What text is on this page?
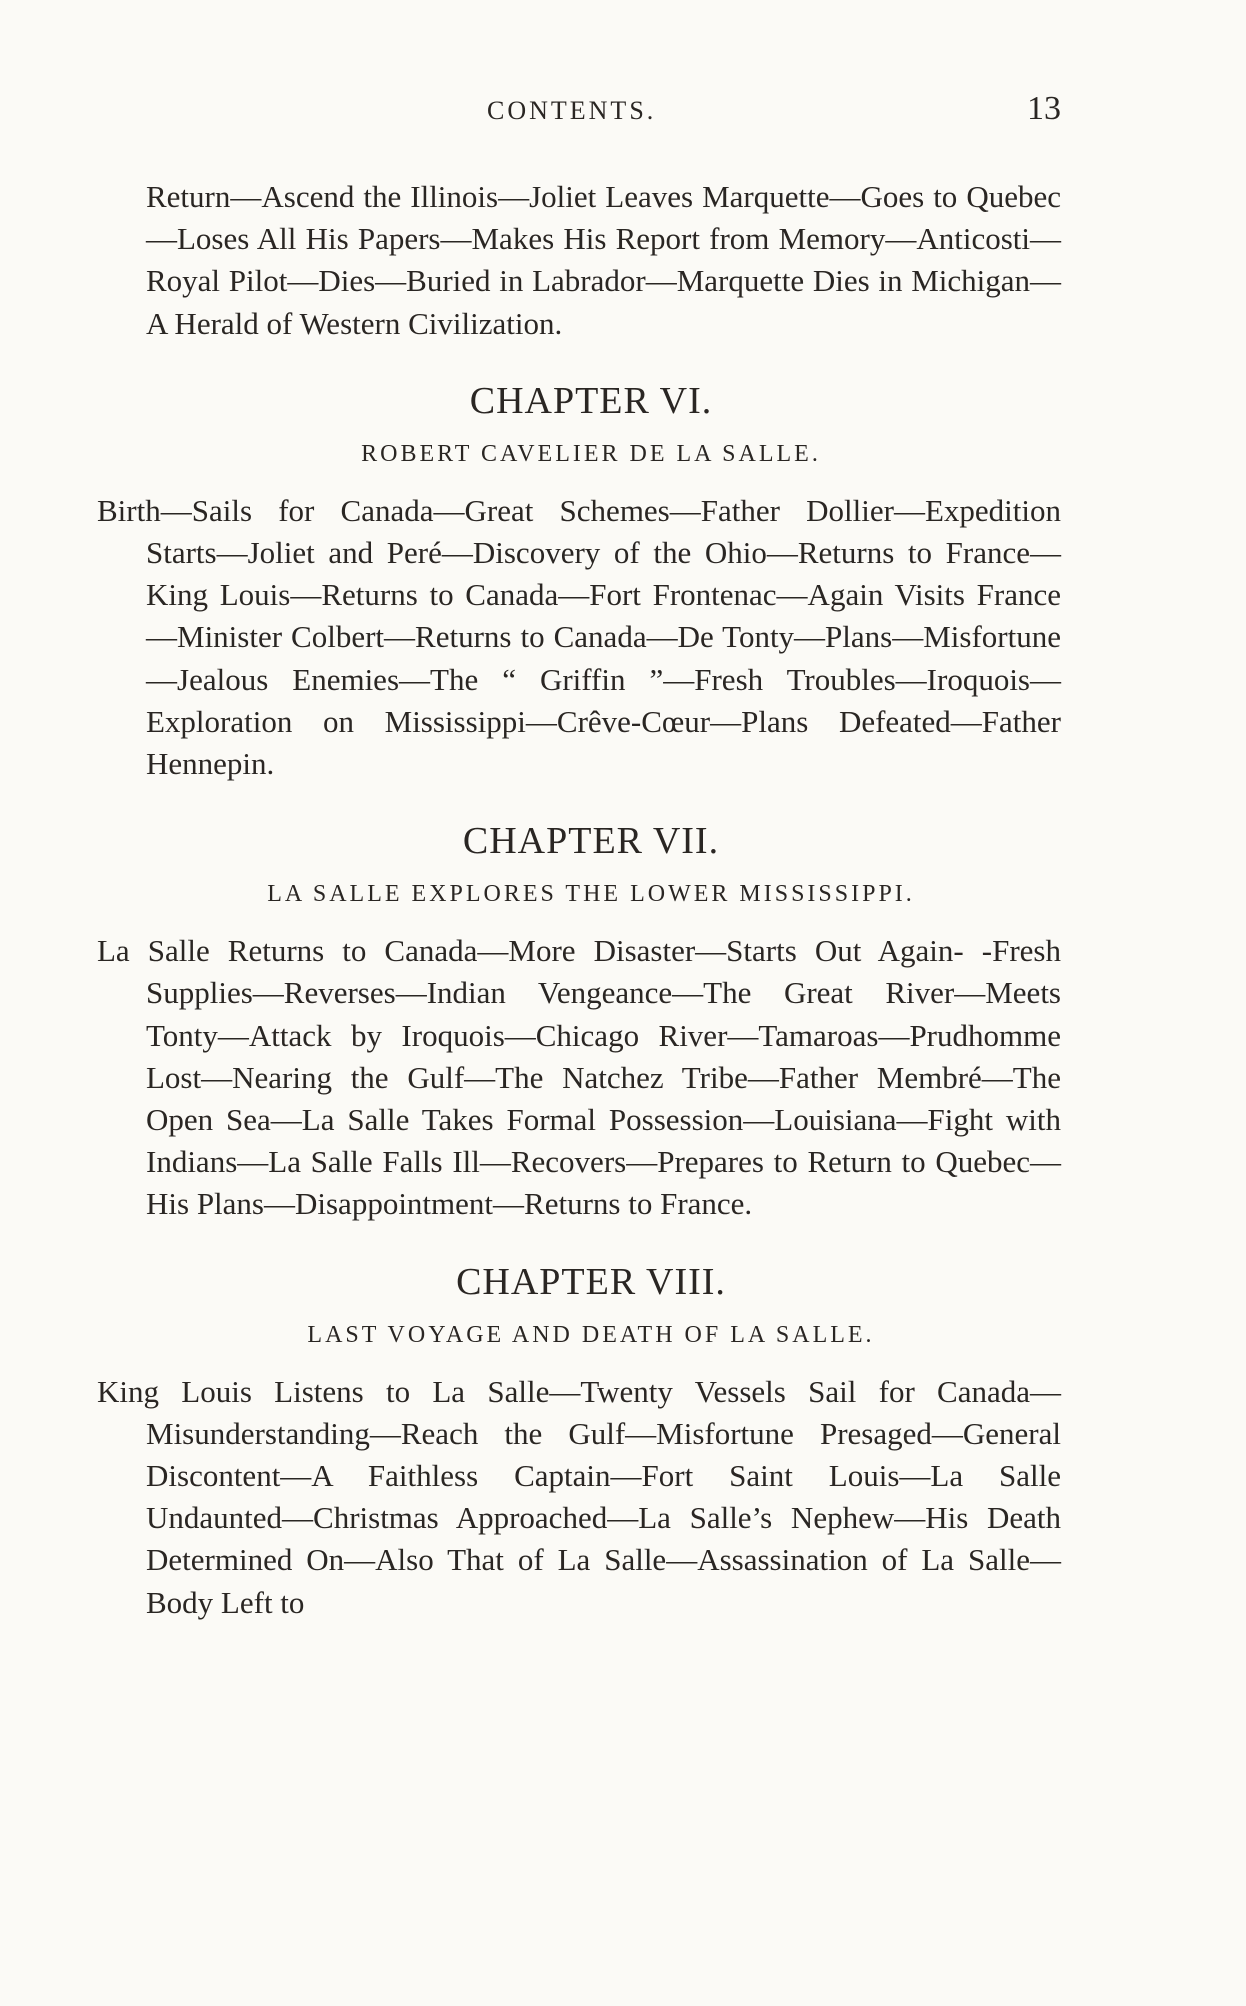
CONTENTS.	13

Return—Ascend the Illinois—Joliet Leaves Marquette—Goes to Quebec—Loses All His Papers—Makes His Report from Memory—Anticosti—Royal Pilot—Dies—Buried in Labrador—Marquette Dies in Michigan—A Herald of Western Civilization.

CHAPTER VI.
ROBERT CAVELIER DE LA SALLE.

Birth—Sails for Canada—Great Schemes—Father Dollier—Expedition Starts—Joliet and Peré—Discovery of the Ohio—Returns to France—King Louis—Returns to Canada—Fort Frontenac—Again Visits France—Minister Colbert—Returns to Canada—De Tonty—Plans—Misfortune—Jealous Enemies—The “ Griffin ”—Fresh Troubles—Iroquois—Exploration on Mississippi—Crêve-Cœur—Plans Defeated—Father Hennepin.

CHAPTER VII.
LA SALLE EXPLORES THE LOWER MISSISSIPPI.

La Salle Returns to Canada—More Disaster—Starts Out Again- -Fresh Supplies—Reverses—Indian Vengeance—The Great River—Meets Tonty—Attack by Iroquois—Chicago River—Tamaroas—Prudhomme Lost—Nearing the Gulf—The Natchez Tribe—Father Membré—The Open Sea—La Salle Takes Formal Possession—Louisiana—Fight with Indians—La Salle Falls Ill—Recovers—Prepares to Return to Quebec—His Plans—Disappointment—Returns to France.

CHAPTER VIII.
LAST VOYAGE AND DEATH OF LA SALLE.

King Louis Listens to La Salle—Twenty Vessels Sail for Canada—Misunderstanding—Reach the Gulf—Misfortune Presaged—General Discontent—A Faithless Captain—Fort Saint Louis—La Salle Undaunted—Christmas Approached—La Salle’s Nephew—His Death Determined On—Also That of La Salle—Assassination of La Salle—Body Left to
